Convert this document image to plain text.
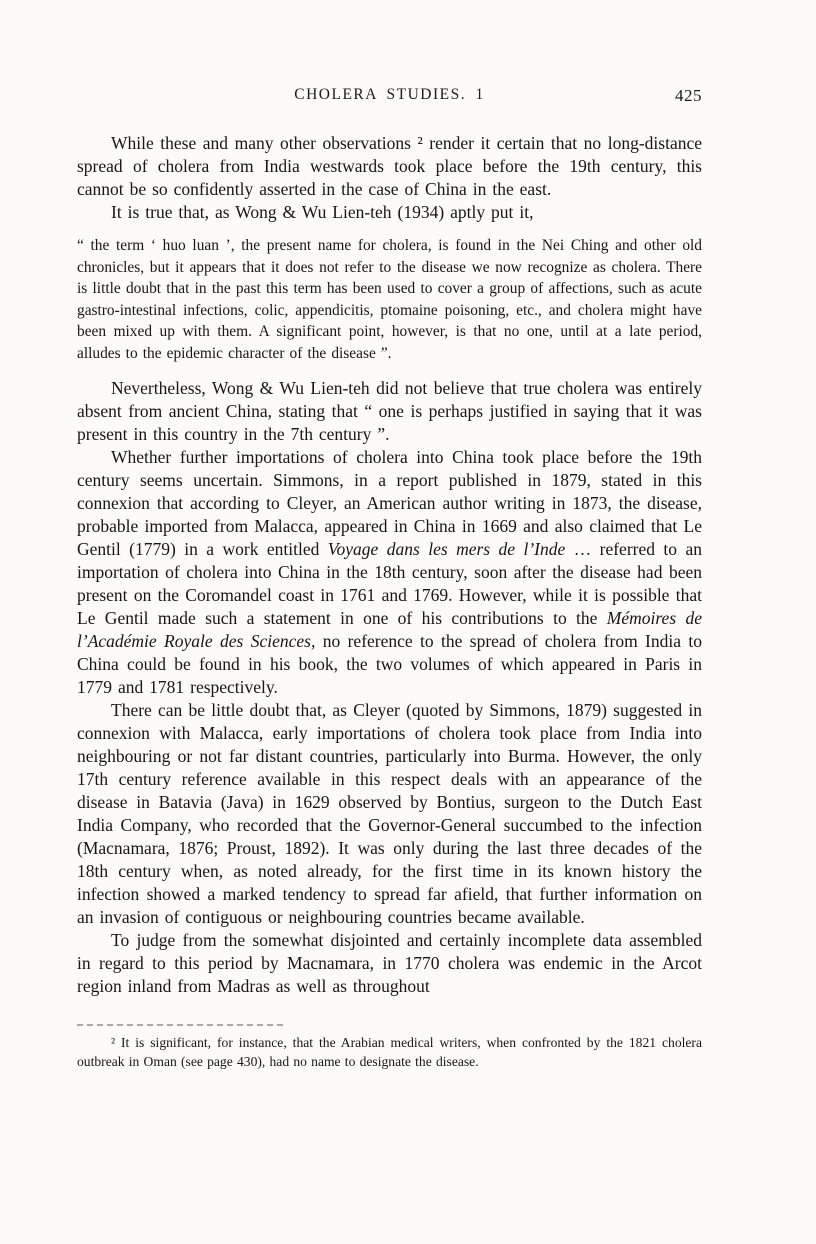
CHOLERA STUDIES. 1	425

While these and many other observations ² render it certain that no long-distance spread of cholera from India westwards took place before the 19th century, this cannot be so confidently asserted in the case of China in the east.

It is true that, as Wong & Wu Lien-teh (1934) aptly put it,

“ the term ‘ huo luan ’, the present name for cholera, is found in the Nei Ching and other old chronicles, but it appears that it does not refer to the disease we now recognize as cholera. There is little doubt that in the past this term has been used to cover a group of affections, such as acute gastro-intestinal infections, colic, appendicitis, ptomaine poisoning, etc., and cholera might have been mixed up with them. A significant point, however, is that no one, until at a late period, alludes to the epidemic character of the disease ”.

Nevertheless, Wong & Wu Lien-teh did not believe that true cholera was entirely absent from ancient China, stating that “ one is perhaps justified in saying that it was present in this country in the 7th century ”.

Whether further importations of cholera into China took place before the 19th century seems uncertain. Simmons, in a report published in 1879, stated in this connexion that according to Cleyer, an American author writing in 1873, the disease, probable imported from Malacca, appeared in China in 1669 and also claimed that Le Gentil (1779) in a work entitled Voyage dans les mers de l’Inde … referred to an importation of cholera into China in the 18th century, soon after the disease had been present on the Coromandel coast in 1761 and 1769. However, while it is possible that Le Gentil made such a statement in one of his contributions to the Mémoires de l’Académie Royale des Sciences, no reference to the spread of cholera from India to China could be found in his book, the two volumes of which appeared in Paris in 1779 and 1781 respectively.

There can be little doubt that, as Cleyer (quoted by Simmons, 1879) suggested in connexion with Malacca, early importations of cholera took place from India into neighbouring or not far distant countries, particularly into Burma. However, the only 17th century reference available in this respect deals with an appearance of the disease in Batavia (Java) in 1629 observed by Bontius, surgeon to the Dutch East India Company, who recorded that the Governor-General succumbed to the infection (Macnamara, 1876; Proust, 1892). It was only during the last three decades of the 18th century when, as noted already, for the first time in its known history the infection showed a marked tendency to spread far afield, that further information on an invasion of contiguous or neighbouring countries became available.

To judge from the somewhat disjointed and certainly incomplete data assembled in regard to this period by Macnamara, in 1770 cholera was endemic in the Arcot region inland from Madras as well as throughout

² It is significant, for instance, that the Arabian medical writers, when confronted by the 1821 cholera outbreak in Oman (see page 430), had no name to designate the disease.
